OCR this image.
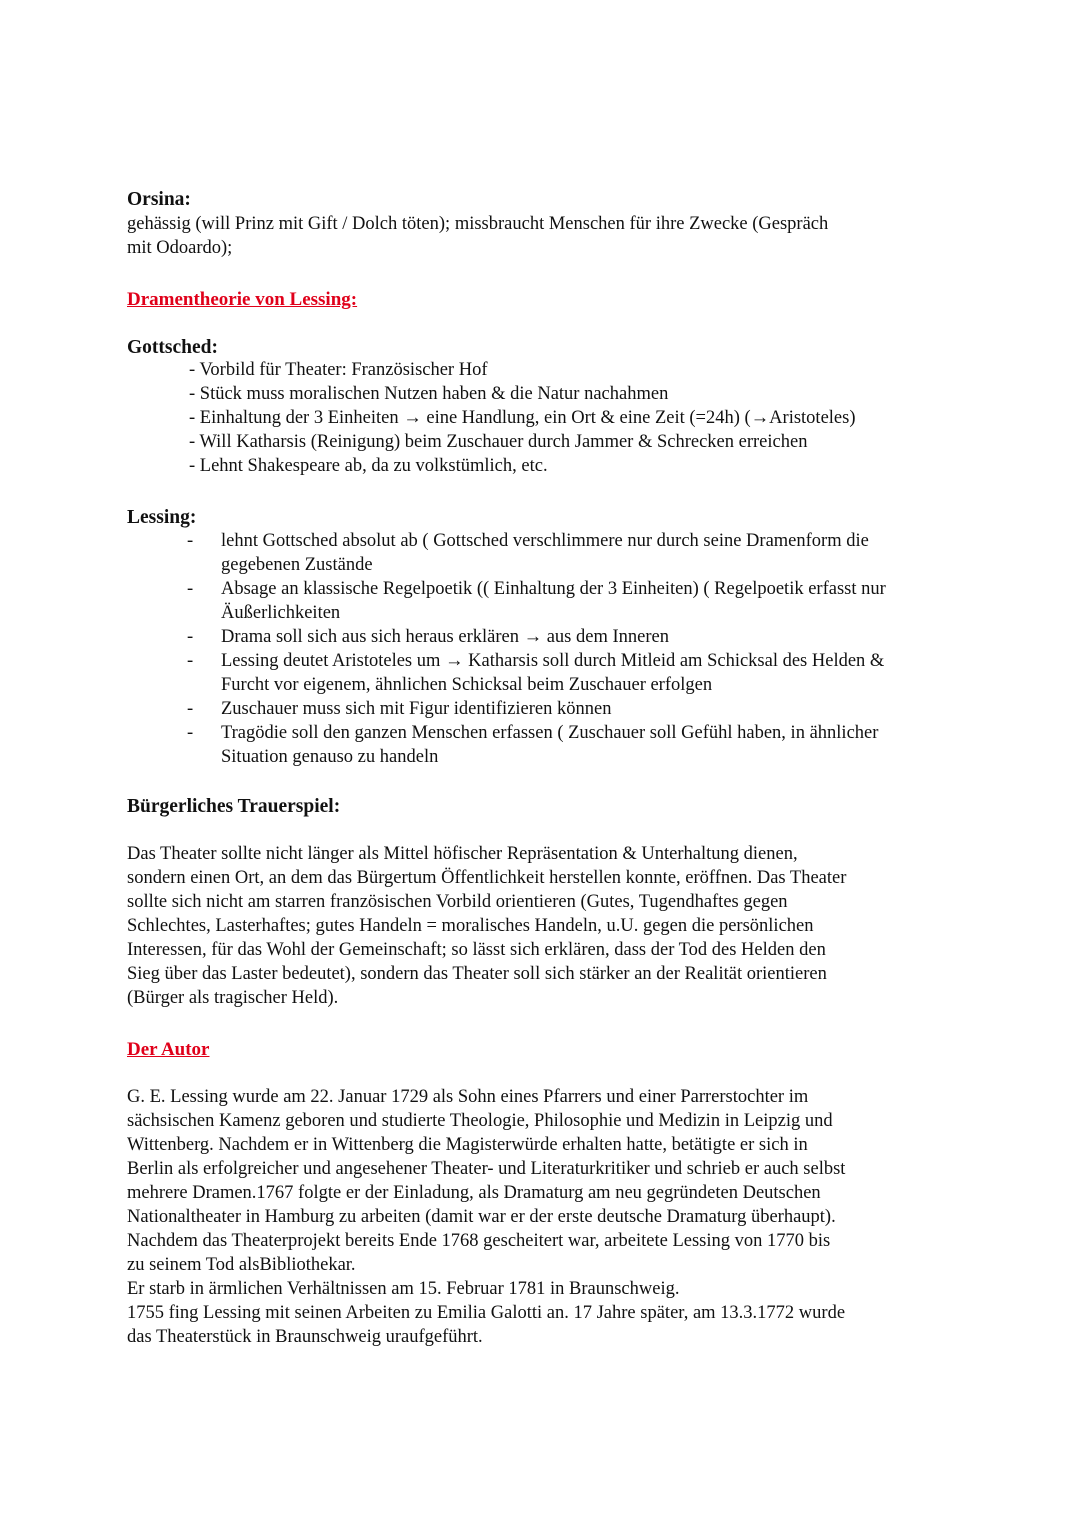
Orsina:
gehässig (will Prinz mit Gift / Dolch töten); missbraucht Menschen für ihre Zwecke (Gespräch
mit Odoardo);
Dramentheorie von Lessing:
Gottsched:
- Vorbild für Theater: Französischer Hof
- Stück muss moralischen Nutzen haben & die Natur nachahmen
- Einhaltung der 3 Einheiten → eine Handlung, ein Ort & eine Zeit (=24h) (→Aristoteles)
- Will Katharsis (Reinigung) beim Zuschauer durch Jammer & Schrecken erreichen
- Lehnt Shakespeare ab, da zu volkstümlich, etc.
Lessing:
-	lehnt Gottsched absolut ab ( Gottsched verschlimmere nur durch seine Dramenform die gegebenen Zustände
-	Absage an klassische Regelpoetik (( Einhaltung der 3 Einheiten) ( Regelpoetik erfasst nur Äußerlichkeiten
-	Drama soll sich aus sich heraus erklären → aus dem Inneren
-	Lessing deutet Aristoteles um → Katharsis soll durch Mitleid am Schicksal des Helden & Furcht vor eigenem, ähnlichen Schicksal beim Zuschauer erfolgen
-	Zuschauer muss sich mit Figur identifizieren können
-	Tragödie soll den ganzen Menschen erfassen ( Zuschauer soll Gefühl haben, in ähnlicher Situation genauso zu handeln
Bürgerliches Trauerspiel:
Das Theater sollte nicht länger als Mittel höfischer Repräsentation & Unterhaltung dienen,
sondern einen Ort, an dem das Bürgertum Öffentlichkeit herstellen konnte, eröffnen. Das Theater
sollte sich nicht am starren französischen Vorbild orientieren (Gutes, Tugendhaftes gegen
Schlechtes, Lasterhaftes; gutes Handeln = moralisches Handeln, u.U. gegen die persönlichen
Interessen, für das Wohl der Gemeinschaft; so lässt sich erklären, dass der Tod des Helden den
Sieg über das Laster bedeutet), sondern das Theater soll sich stärker an der Realität orientieren
(Bürger als tragischer Held).
Der Autor
G. E. Lessing wurde am 22. Januar 1729 als Sohn eines Pfarrers und einer Parrerstochter im
sächsischen Kamenz geboren und studierte Theologie, Philosophie und Medizin in Leipzig und
Wittenberg. Nachdem er in Wittenberg die Magisterwürde erhalten hatte, betätigte er sich in
Berlin als erfolgreicher und angesehener Theater- und Literaturkritiker und schrieb er auch selbst
mehrere Dramen.1767 folgte er der Einladung, als Dramaturg am neu gegründeten Deutschen
Nationaltheater in Hamburg zu arbeiten (damit war er der erste deutsche Dramaturg überhaupt).
Nachdem das Theaterprojekt bereits Ende 1768 gescheitert war, arbeitete Lessing von 1770 bis
zu seinem Tod alsBibliothekar.
Er starb in ärmlichen Verhältnissen am 15. Februar 1781 in Braunschweig.
1755 fing Lessing mit seinen Arbeiten zu Emilia Galotti an. 17 Jahre später, am 13.3.1772 wurde
das Theaterstück in Braunschweig uraufgeführt.
